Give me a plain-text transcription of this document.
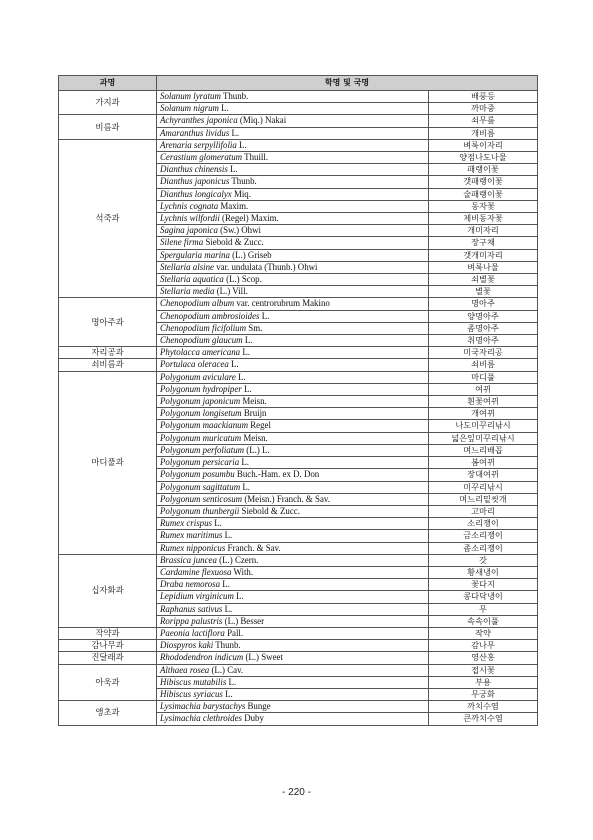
과명	학명 및 국명	
가지과	Solanum lyratum Thunb.	배풍등
	Solanum nigrum L.	까마중
비름과	Achyranthes japonica (Miq.) Nakai	쇠무릎
	Amaranthus lividus L.	개비름
석죽과	Arenaria serpyllifolia L.	벼룩이자리
	Cerastium glomeratum Thuill.	양점나도나물
	Dianthus chinensis L.	패랭이꽃
	Dianthus japonicus Thunb.	갯패랭이꽃
	Dianthus longicalyx Miq.	술패랭이꽃
	Lychnis cognata Maxim.	동자꽃
	Lychnis wilfordii (Regel) Maxim.	제비동자꽃
	Sagina japonica (Sw.) Ohwi	개미자리
	Silene firma Siebold & Zucc.	장구채
	Spergularia marina (L.) Griseb	갯개미자리
	Stellaria alsine var. undulata (Thunb.) Ohwi	벼룩나물
	Stellaria aquatica (L.) Scop.	쇠별꽃
	Stellaria media (L.) Vill.	별꽃
명아주과	Chenopodium album var. centrorubrum Makino	명아주
	Chenopodium ambrosioides L.	양명아주
	Chenopodium ficifolium Sm.	좀명아주
	Chenopodium glaucum L.	취명아주
자리공과	Phytolacca americana L.	미국자리공
쇠비름과	Portulaca oleracea L.	쇠비름
마디풀과	Polygonum aviculare L.	마디풀
	Polygonum hydropiper L.	여뀌
	Polygonum japonicum Meisn.	흰꽃여뀌
	Polygonum longisetum Bruijn	개여뀌
	Polygonum maackianum Regel	나도미꾸리낚시
	Polygonum muricatum Meisn.	넓은잎미꾸리낚시
	Polygonum perfoliatum (L.) L.	며느리배꼽
	Polygonum persicaria L.	봄여뀌
	Polygonum posumbu Buch.-Ham. ex D. Don	장대여뀌
	Polygonum sagittatum L.	미꾸리낚시
	Polygonum senticosum (Meisn.) Franch. & Sav.	며느리밑씻개
	Polygonum thunbergii Siebold & Zucc.	고마리
	Rumex crispus L.	소리쟁이
	Rumex maritimus L.	금소리쟁이
	Rumex nipponicus Franch. & Sav.	좀소리쟁이
십자화과	Brassica juncea (L.) Czern.	갓
	Cardamine flexuosa With.	황새냉이
	Draba nemorosa L.	꽃다지
	Lepidium virginicum L.	콩다닥냉이
	Raphanus sativus L.	무
	Rorippa palustris (L.) Besser	속속이풀
작약과	Paeonia lactiflora Pall.	작약
감나무과	Diospyros kaki Thunb.	감나무
진달래과	Rhododendron indicum (L.) Sweet	영산홍
아욱과	Althaea rosea (L.) Cav.	접시꽃
	Hibiscus mutabilis L.	부용
	Hibiscus syriacus L.	무궁화
앵초과	Lysimachia barystachys Bunge	까치수염
	Lysimachia clethroides Duby	큰까치수염
- 220 -
